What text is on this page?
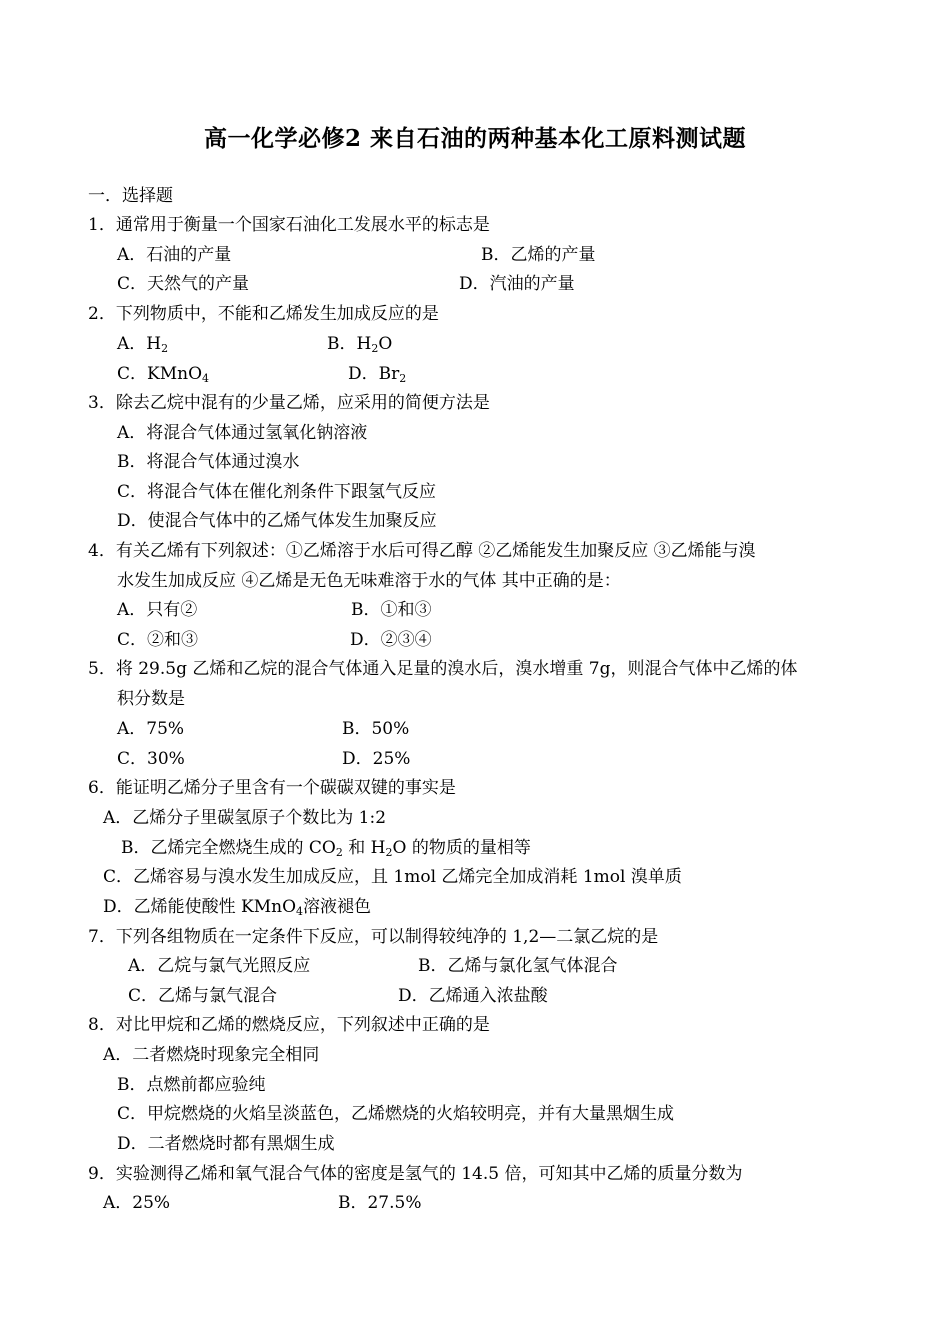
高一化学必修2 来自石油的两种基本化工原料测试题
一．选择题
1．通常用于衡量一个国家石油化工发展水平的标志是
A．石油的产量	B．乙烯的产量
C．天然气的产量	D．汽油的产量
2．下列物质中，不能和乙烯发生加成反应的是
A．$H_2$	B．$H_2O$
C．KMnO$_4$	D．$Br_2$
3．除去乙烷中混有的少量乙烯，应采用的简便方法是
A．将混合气体通过氢氧化钠溶液
B．将混合气体通过溴水
C．将混合气体在催化剂条件下跟氢气反应
D．使混合气体中的乙烯气体发生加聚反应
4．有关乙烯有下列叙述：①乙烯溶于水后可得乙醇 ②乙烯能发生加聚反应 ③乙烯能与溴
水发生加成反应 ④乙烯是无色无味难溶于水的气体 其中正确的是：
A．只有②	B．①和③
C．②和③	D．②③④
5．将 29.5g 乙烯和乙烷的混合气体通入足量的溴水后，溴水增重 7g，则混合气体中乙烯的体
积分数是
A．75%	B．50%
C．30%	D．25%
6．能证明乙烯分子里含有一个碳碳双键的事实是
A．乙烯分子里碳氢原子个数比为 1:2
B．乙烯完全燃烧生成的 $CO_2$ 和 $H_2O$ 的物质的量相等
C．乙烯容易与溴水发生加成反应，且 1mol 乙烯完全加成消耗 1mol 溴单质
D．乙烯能使酸性 KMnO$_4$溶液褪色
7．下列各组物质在一定条件下反应，可以制得较纯净的 1,2—二氯乙烷的是
A．乙烷与氯气光照反应	B．乙烯与氯化氢气体混合
C．乙烯与氯气混合	D．乙烯通入浓盐酸
8．对比甲烷和乙烯的燃烧反应，下列叙述中正确的是
A．二者燃烧时现象完全相同
B．点燃前都应验纯
C．甲烷燃烧的火焰呈淡蓝色，乙烯燃烧的火焰较明亮，并有大量黑烟生成
D．二者燃烧时都有黑烟生成
9．实验测得乙烯和氧气混合气体的密度是氢气的 14.5 倍，可知其中乙烯的质量分数为
A．25%	B．27.5%
